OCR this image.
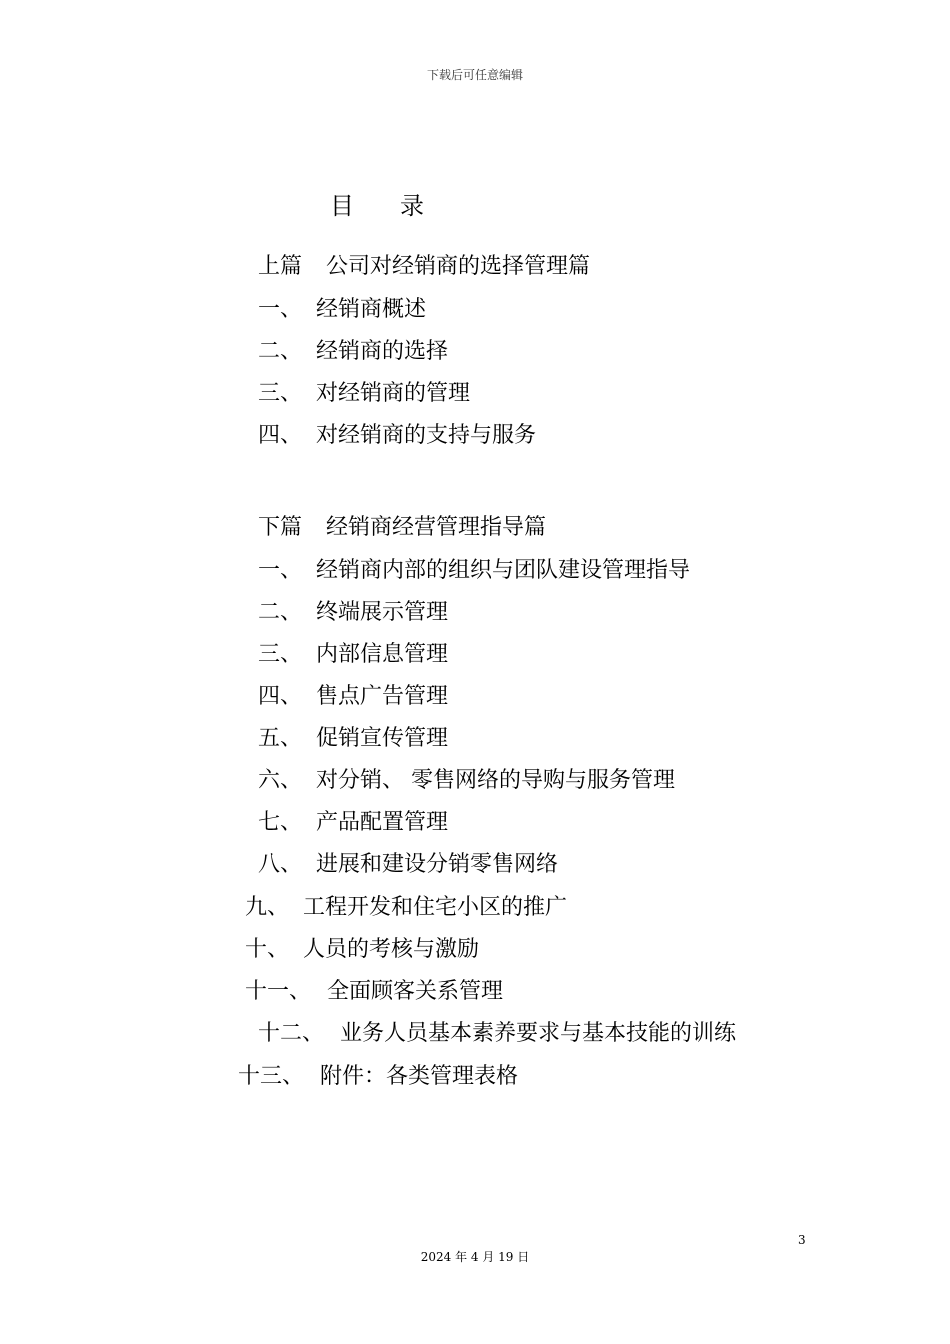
下载后可任意编辑
目 录
上篇 公司对经销商的选择管理篇
一、 经销商概述
二、 经销商的选择
三、 对经销商的管理
四、 对经销商的支持与服务
下篇 经销商经营管理指导篇
一、 经销商内部的组织与团队建设管理指导
二、 终端展示管理
三、 内部信息管理
四、 售点广告管理
五、 促销宣传管理
六、 对分销、 零售网络的导购与服务管理
七、 产品配置管理
八、 进展和建设分销零售网络
九、 工程开发和住宅小区的推广
十、 人员的考核与激励
十一、 全面顾客关系管理
十二、 业务人员基本素养要求与基本技能的训练
十三、 附件：各类管理表格
3
2024 年 4 月 19 日
